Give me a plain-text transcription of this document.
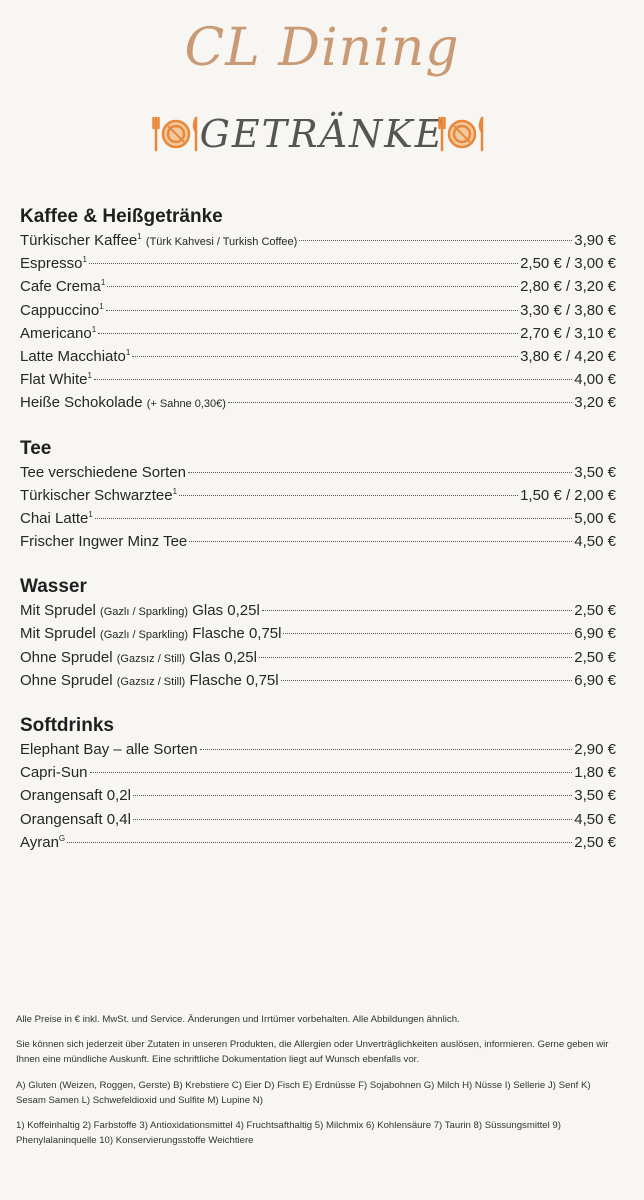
CL Dining
GETRÄNKE
Kaffee & Heißgetränke
Türkischer Kaffee$^1$ (Türk Kahvesi / Turkish Coffee)	3,90 €
Espresso$^1$	2,50 € / 3,00 €
Cafe Crema$^1$	2,80 € / 3,20 €
Cappuccino$^1$	3,30 € / 3,80 €
Americano$^1$	2,70 € / 3,10 €
Latte Macchiato$^1$	3,80 € / 4,20 €
Flat White$^1$	4,00 €
Heiße Schokolade (+ Sahne 0,30€)	3,20 €
Tee
Tee verschiedene Sorten	3,50 €
Türkischer Schwarztee$^1$	1,50 € / 2,00 €
Chai Latte$^1$	5,00 €
Frischer Ingwer Minz Tee	4,50 €
Wasser
Mit Sprudel (Gazlı / Sparkling) Glas 0,25l	2,50 €
Mit Sprudel (Gazlı / Sparkling) Flasche 0,75l	6,90 €
Ohne Sprudel (Gazsız / Still) Glas 0,25l	2,50 €
Ohne Sprudel (Gazsız / Still) Flasche 0,75l	6,90 €
Softdrinks
Elephant Bay – alle Sorten	2,90 €
Capri-Sun	1,80 €
Orangensaft 0,2l	3,50 €
Orangensaft 0,4l	4,50 €
Ayran$^G$	2,50 €

Alle Preise in € inkl. MwSt. und Service. Änderungen und Irrtümer vorbehalten. Alle Abbildungen ähnlich.

Sie können sich jederzeit über Zutaten in unseren Produkten, die Allergien oder Unverträglichkeiten auslösen, informieren. Gerne geben wir Ihnen eine mündliche Auskunft. Eine schriftliche Dokumentation liegt auf Wunsch ebenfalls vor.

A) Gluten (Weizen, Roggen, Gerste) B) Krebstiere C) Eier D) Fisch E) Erdnüsse F) Sojabohnen G) Milch H) Nüsse I) Sellerie J) Senf K) Sesam Samen L) Schwefeldioxid und Sulfite M) Lupine N)

1) Koffeinhaltig 2) Farbstoffe 3) Antioxidationsmittel 4) Fruchtsafthaltig 5) Milchmix 6) Kohlensäure 7) Taurin 8) Süssungsmittel 9) Phenylalaninquelle 10) Konservierungsstoffe Weichtiere
